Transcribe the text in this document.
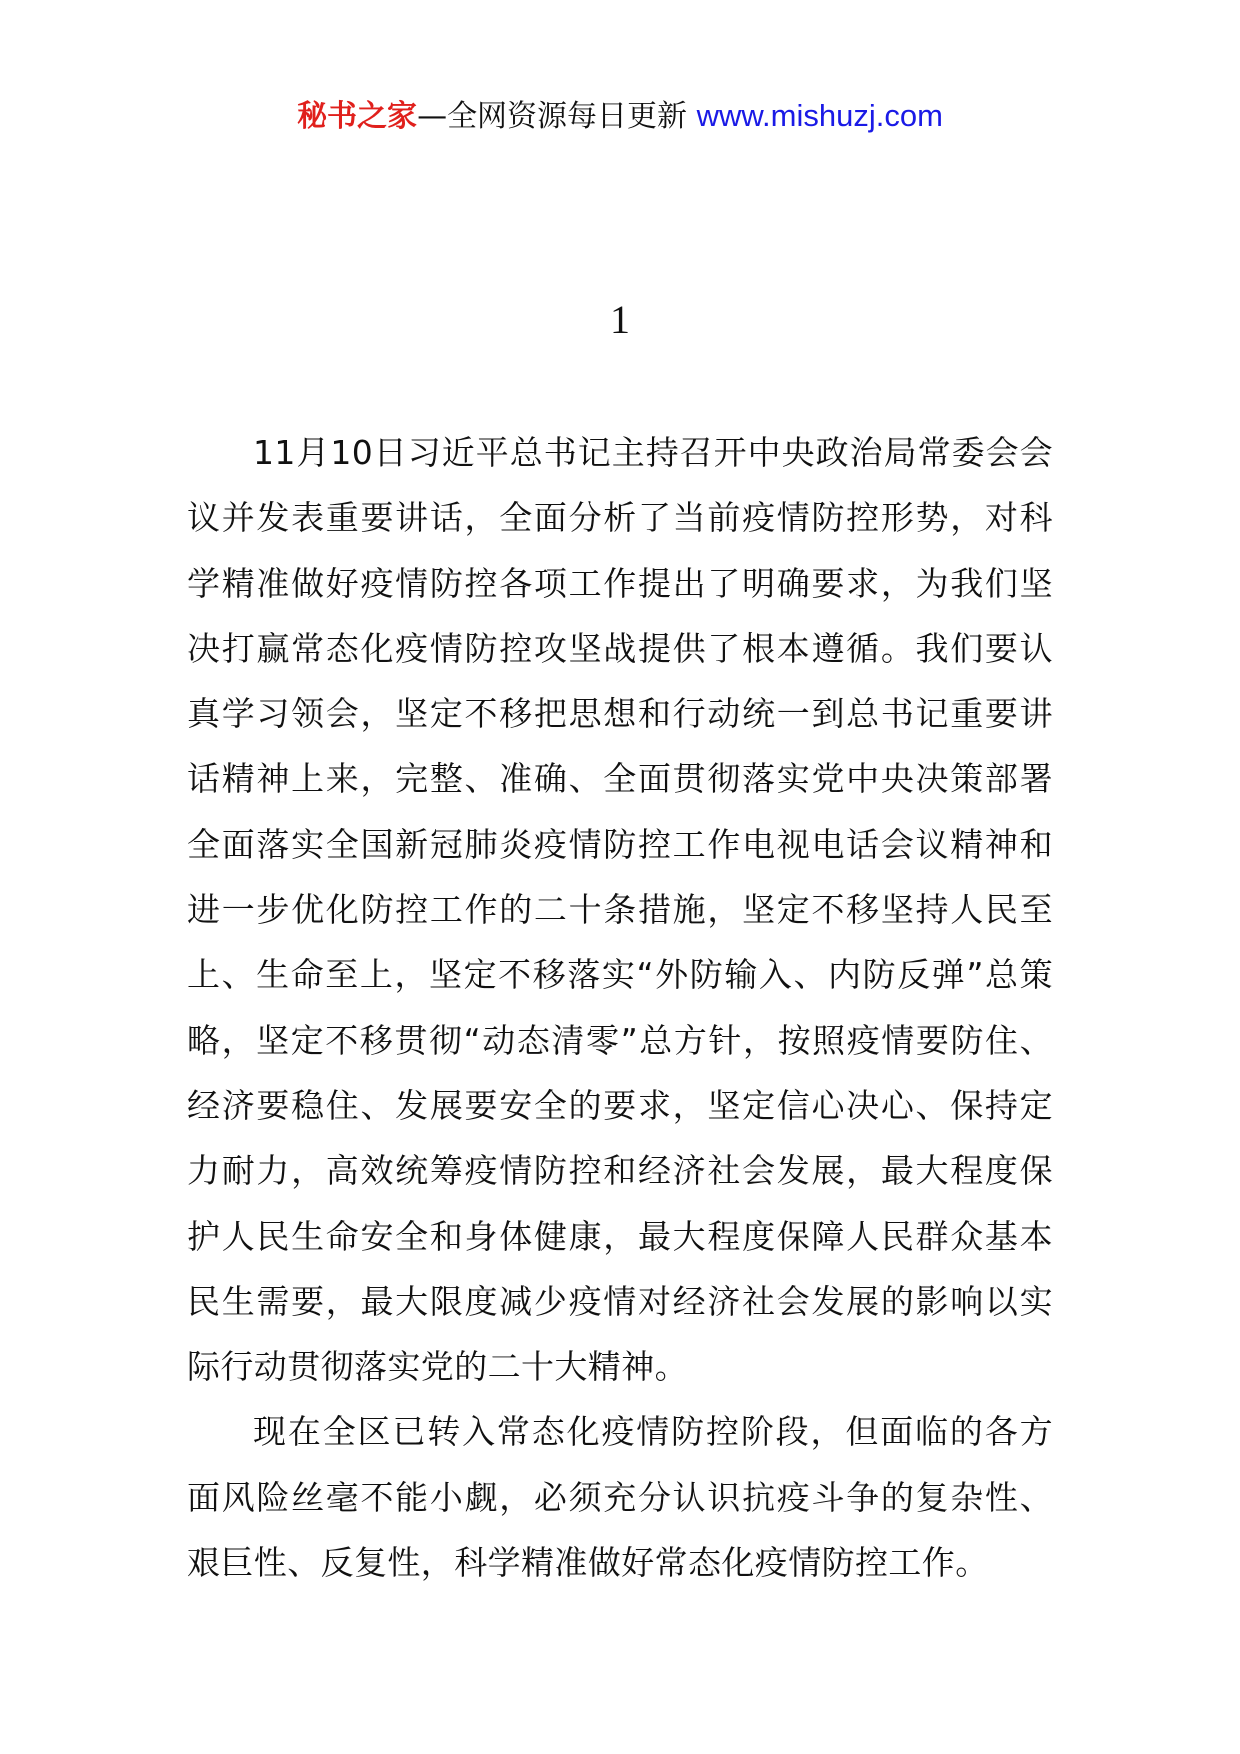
秘书之家—全网资源每日更新 www.mishuzj.com
1

11月10日习近平总书记主持召开中央政治局常委会会议并发表重要讲话，全面分析了当前疫情防控形势，对科学精准做好疫情防控各项工作提出了明确要求，为我们坚决打赢常态化疫情防控攻坚战提供了根本遵循。我们要认真学习领会，坚定不移把思想和行动统一到总书记重要讲话精神上来，完整、准确、全面贯彻落实党中央决策部署全面落实全国新冠肺炎疫情防控工作电视电话会议精神和进一步优化防控工作的二十条措施，坚定不移坚持人民至上、生命至上，坚定不移落实“外防输入、内防反弹”总策略，坚定不移贯彻“动态清零”总方针，按照疫情要防住、经济要稳住、发展要安全的要求，坚定信心决心、保持定力耐力，高效统筹疫情防控和经济社会发展，最大程度保护人民生命安全和身体健康，最大程度保障人民群众基本民生需要，最大限度减少疫情对经济社会发展的影响以实际行动贯彻落实党的二十大精神。

现在全区已转入常态化疫情防控阶段，但面临的各方面风险丝毫不能小觑，必须充分认识抗疫斗争的复杂性、艰巨性、反复性，科学精准做好常态化疫情防控工作。
